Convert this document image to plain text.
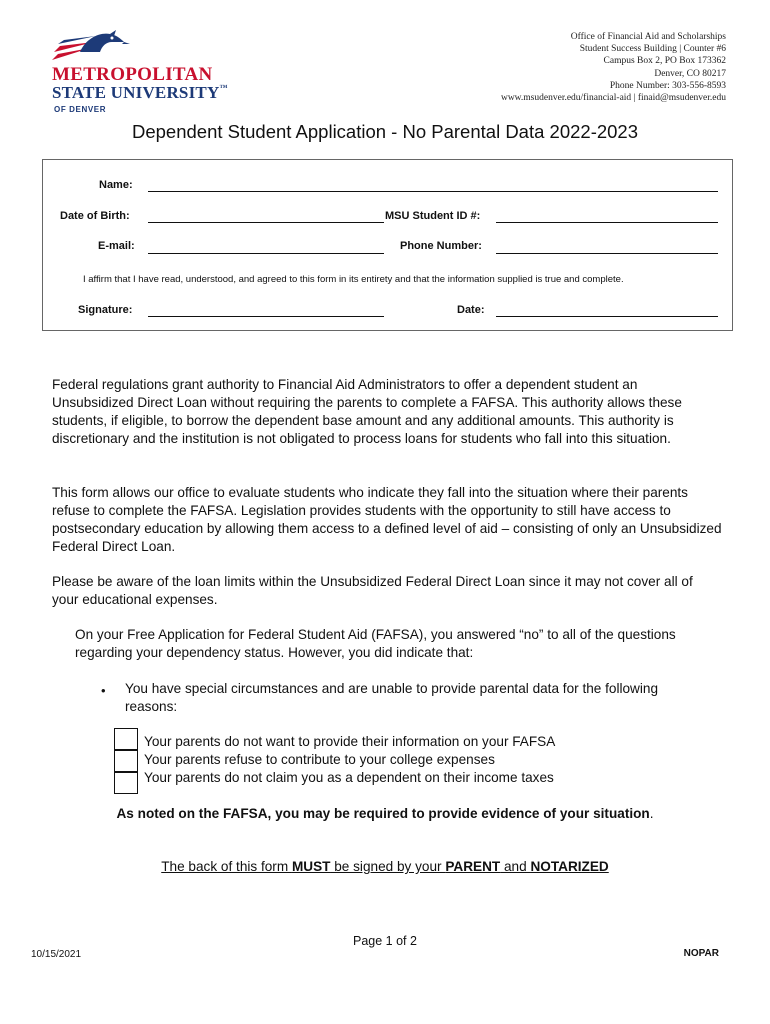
METROPOLITAN
STATE UNIVERSITY™
OF DENVER
Office of Financial Aid and Scholarships
Student Success Building | Counter #6
Campus Box 2, PO Box 173362
Denver, CO 80217
Phone Number: 303-556-8593
www.msudenver.edu/financial-aid | finaid@msudenver.edu
Dependent Student Application - No Parental Data 2022-2023
Name:
Date of Birth:	MSU Student ID #:
E-mail:	Phone Number:
I affirm that I have read, understood, and agreed to this form in its entirety and that the information supplied is true and complete.
Signature:	Date:
Federal regulations grant authority to Financial Aid Administrators to offer a dependent student an Unsubsidized Direct Loan without requiring the parents to complete a FAFSA. This authority allows these students, if eligible, to borrow the dependent base amount and any additional amounts. This authority is discretionary and the institution is not obligated to process loans for students who fall into this situation.
This form allows our office to evaluate students who indicate they fall into the situation where their parents refuse to complete the FAFSA. Legislation provides students with the opportunity to still have access to postsecondary education by allowing them access to a defined level of aid – consisting of only an Unsubsidized Federal Direct Loan.
Please be aware of the loan limits within the Unsubsidized Federal Direct Loan since it may not cover all of your educational expenses.
On your Free Application for Federal Student Aid (FAFSA), you answered “no” to all of the questions regarding your dependency status. However, you did indicate that:
• You have special circumstances and are unable to provide parental data for the following reasons:
Your parents do not want to provide their information on your FAFSA
Your parents refuse to contribute to your college expenses
Your parents do not claim you as a dependent on their income taxes
As noted on the FAFSA, you may be required to provide evidence of your situation.
The back of this form MUST be signed by your PARENT and NOTARIZED
Page 1 of 2
10/15/2021	NOPAR
